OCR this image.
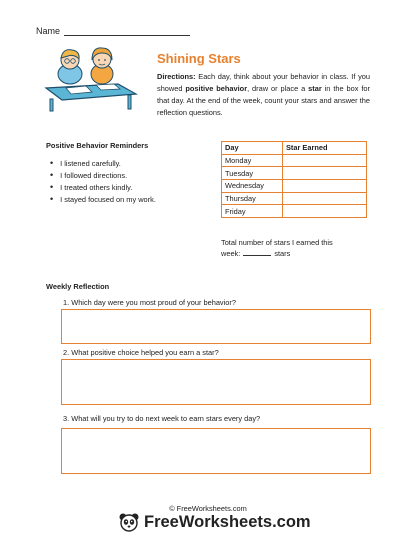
Name
Shining Stars

Directions: Each day, think about your behavior in class. If you showed positive behavior, draw or place a star in the box for that day. At the end of the week, count your stars and answer the reflection questions.

Positive Behavior Reminders
• I listened carefully.
• I followed directions.
• I treated others kindly.
• I stayed focused on my work.
Day	Star Earned
Monday	
Tuesday	
Wednesday	
Thursday	
Friday	
Total number of stars I earned this
week:	stars
Weekly Reflection
1. Which day were you most proud of your behavior?
2. What positive choice helped you earn a star?
3. What will you try to do next week to earn stars every day?
© FreeWorksheets.com
FreeWorksheets.com
